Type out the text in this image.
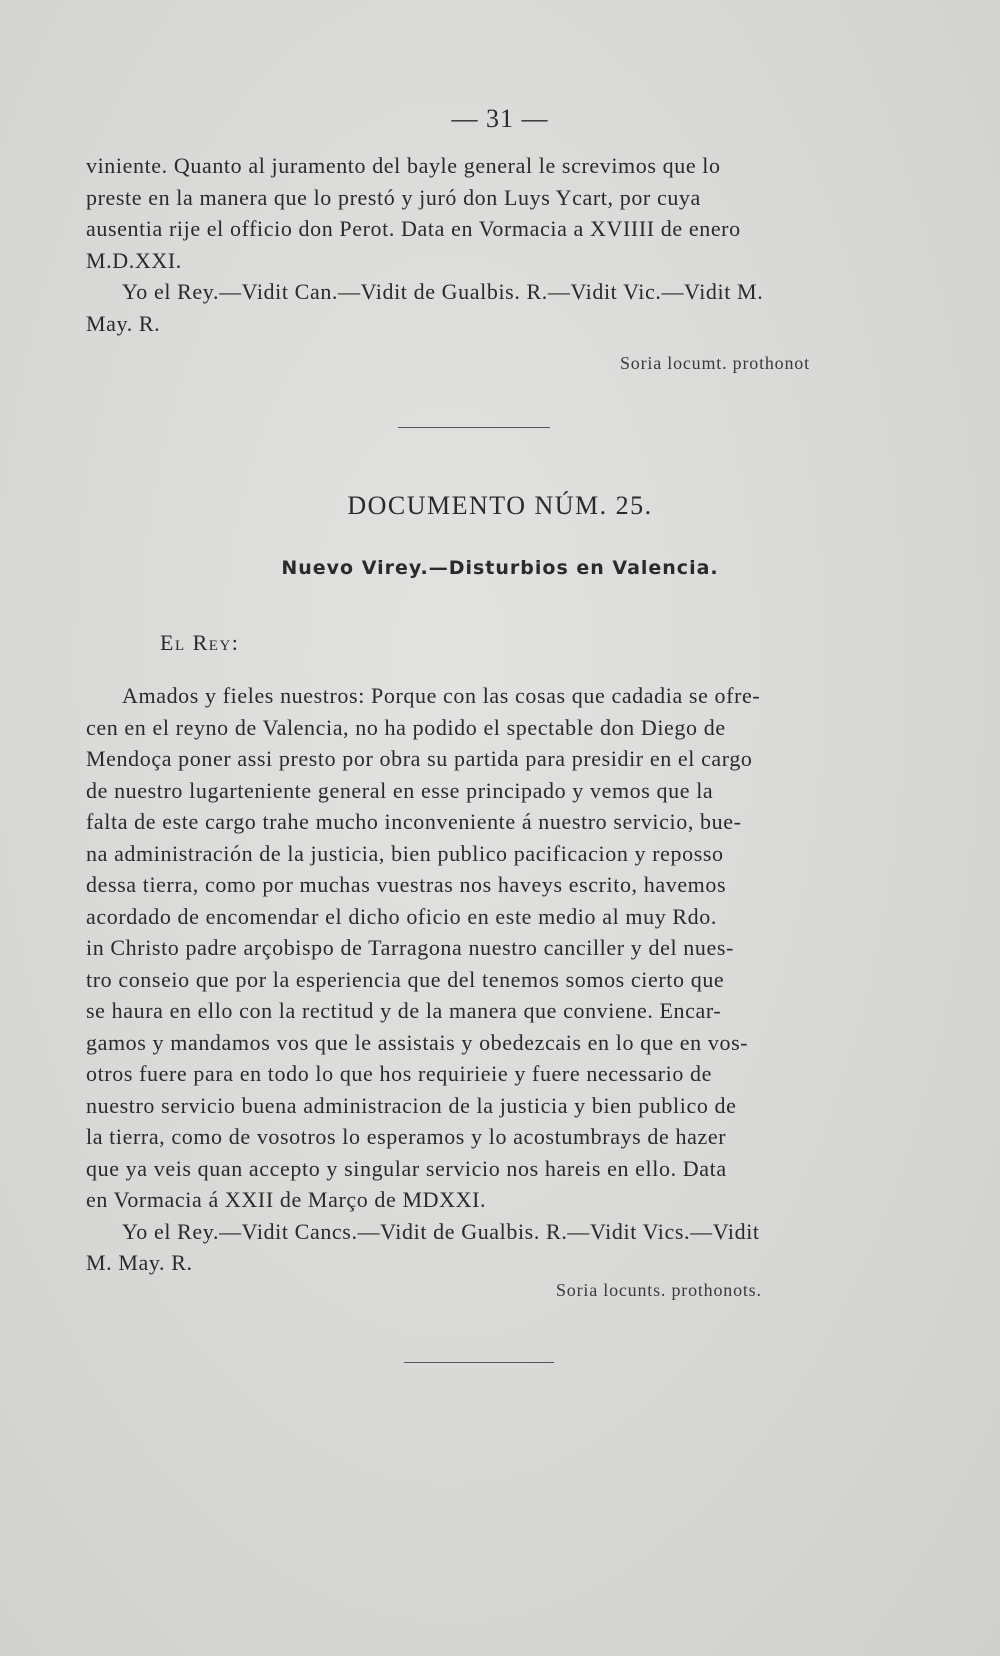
— 31 —
viniente. Quanto al juramento del bayle general le screvimos que lo
preste en la manera que lo prestó y juró don Luys Ycart, por cuya
ausentia rije el officio don Perot. Data en Vormacia a XVIIII de enero
M.D.XXI.
Yo el Rey.—Vidit Can.—Vidit de Gualbis. R.—Vidit Vic.—Vidit M.
May. R.
Soria locumt. prothonot
DOCUMENTO NÚM. 25.
Nuevo Virey.—Disturbios en Valencia.
El Rey:
Amados y fieles nuestros: Porque con las cosas que cadadia se ofre-
cen en el reyno de Valencia, no ha podido el spectable don Diego de
Mendoça poner assi presto por obra su partida para presidir en el cargo
de nuestro lugarteniente general en esse principado y vemos que la
falta de este cargo trahe mucho inconveniente á nuestro servicio, bue-
na administración de la justicia, bien publico pacificacion y reposso
dessa tierra, como por muchas vuestras nos haveys escrito, havemos
acordado de encomendar el dicho oficio en este medio al muy Rdo.
in Christo padre arçobispo de Tarragona nuestro canciller y del nues-
tro conseio que por la esperiencia que del tenemos somos cierto que
se haura en ello con la rectitud y de la manera que conviene. Encar-
gamos y mandamos vos que le assistais y obedezcais en lo que en vos-
otros fuere para en todo lo que hos requirieie y fuere necessario de
nuestro servicio buena administracion de la justicia y bien publico de
la tierra, como de vosotros lo esperamos y lo acostumbrays de hazer
que ya veis quan accepto y singular servicio nos hareis en ello. Data
en Vormacia á XXII de Março de MDXXI.
Yo el Rey.—Vidit Cancs.—Vidit de Gualbis. R.—Vidit Vics.—Vidit
M. May. R.
Soria locunts. prothonots.
